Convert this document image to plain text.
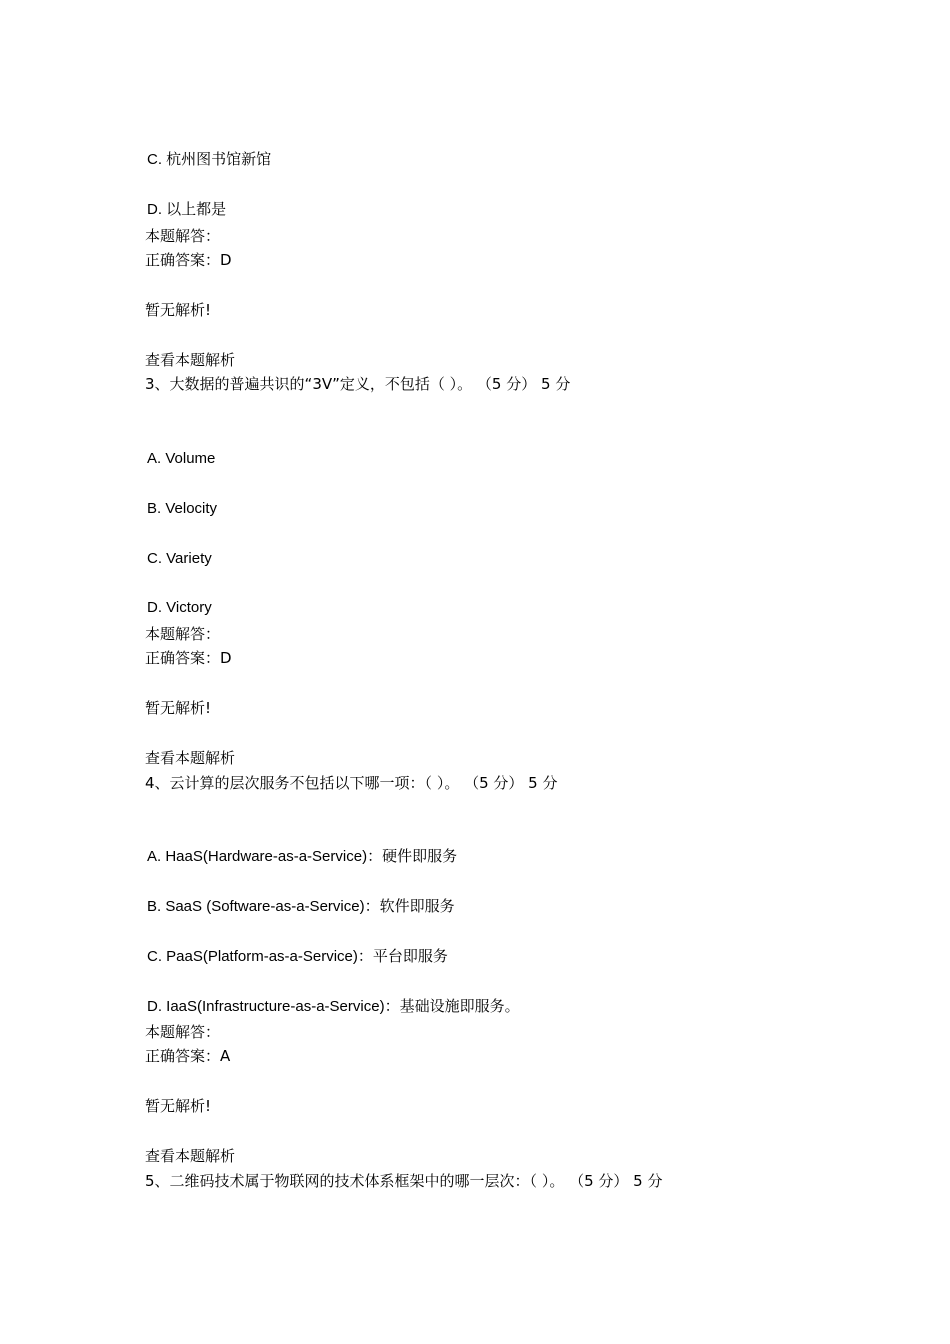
C. 杭州图书馆新馆
D. 以上都是
本题解答：
正确答案：D
暂无解析!
查看本题解析
3、大数据的普遍共识的“3V”定义，不包括（ ）。 （5 分） 5 分
A. Volume
B. Velocity
C. Variety
D. Victory
本题解答：
正确答案：D
暂无解析!
查看本题解析
4、云计算的层次服务不包括以下哪一项：（ ）。 （5 分） 5 分
A. HaaS(Hardware-as-a-Service)：硬件即服务
B. SaaS (Software-as-a-Service)：软件即服务
C. PaaS(Platform-as-a-Service)：平台即服务
D. IaaS(Infrastructure-as-a-Service)：基础设施即服务。
本题解答：
正确答案：A
暂无解析!
查看本题解析
5、二维码技术属于物联网的技术体系框架中的哪一层次：（ ）。 （5 分） 5 分
